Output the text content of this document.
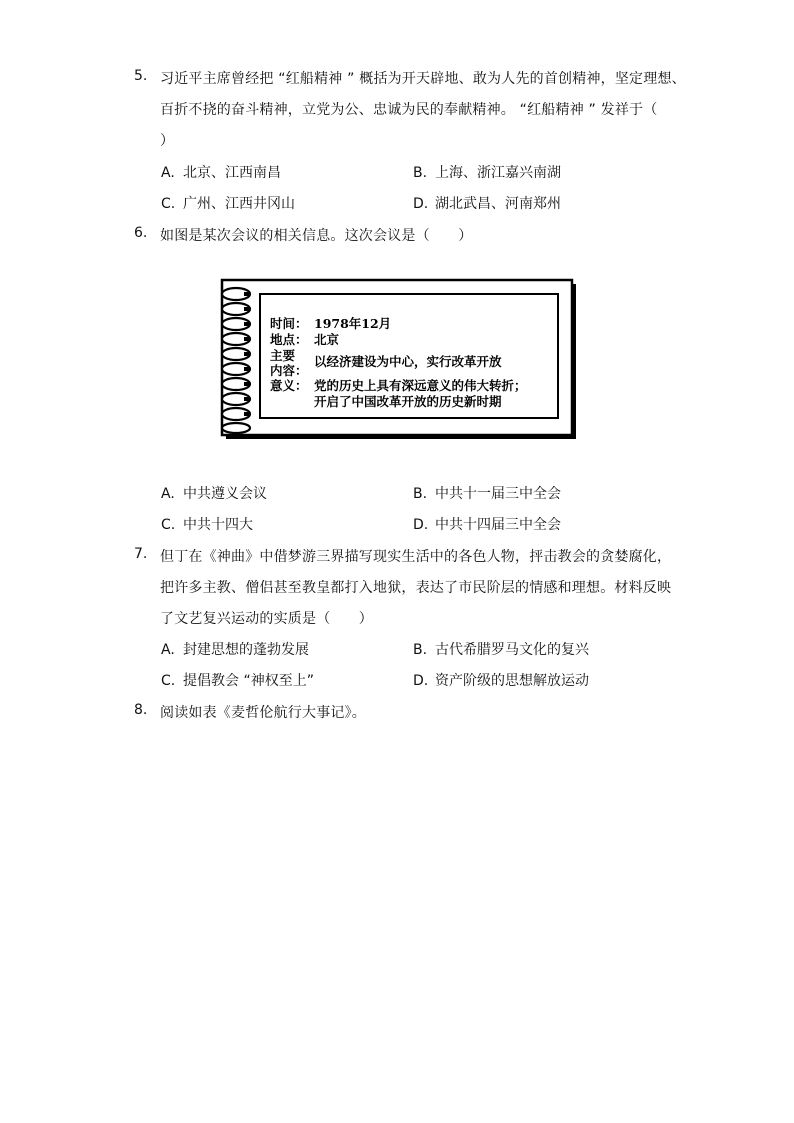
5. 习近平主席曾经把 “红船精神 ” 概括为开天辟地、敢为人先的首创精神，坚定理想、
百折不挠的奋斗精神，立党为公、忠诚为民的奉献精神。 “红船精神 ” 发祥于（
）
A. 北京、江西南昌	B. 上海、浙江嘉兴南湖
C. 广州、江西井冈山	D. 湖北武昌、河南郑州
6. 如图是某次会议的相关信息。这次会议是（　　）
时间： 1978年12月
地点： 北京
主要 以经济建设为中心，实行改革开放
内容：
意义： 党的历史上具有深远意义的伟大转折；
开启了中国改革开放的历史新时期
A. 中共遵义会议	B. 中共十一届三中全会
C. 中共十四大	D. 中共十四届三中全会
7. 但丁在《神曲》中借梦游三界描写现实生活中的各色人物，抨击教会的贪婪腐化，
把许多主教、僧侣甚至教皇都打入地狱，表达了市民阶层的情感和理想。材料反映
了文艺复兴运动的实质是（　　）
A. 封建思想的蓬勃发展	B. 古代希腊罗马文化的复兴
C. 提倡教会 “神权至上”	D. 资产阶级的思想解放运动
8. 阅读如表《麦哲伦航行大事记》。
